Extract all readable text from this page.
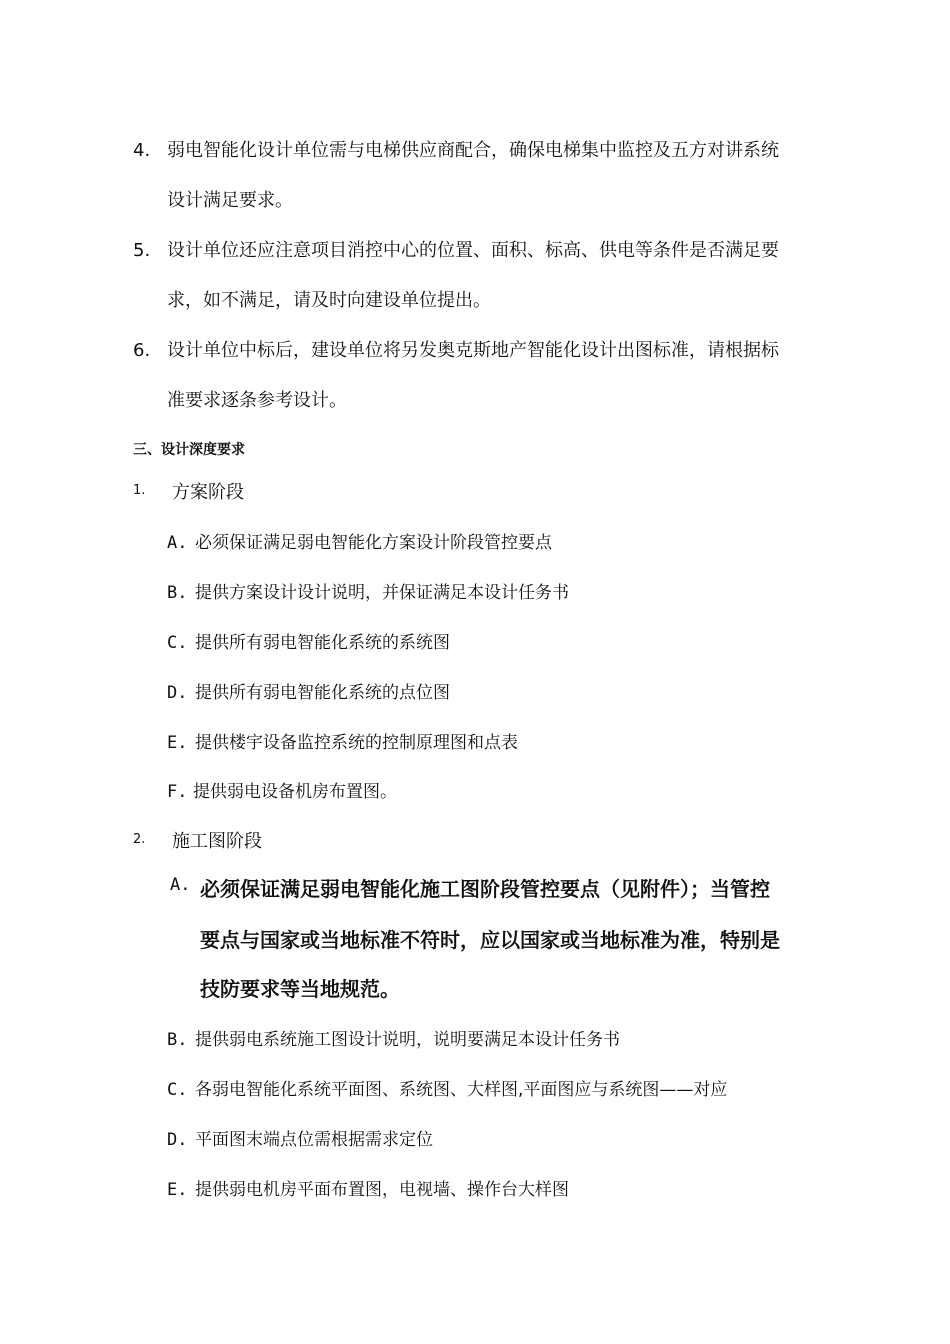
4. 弱电智能化设计单位需与电梯供应商配合，确保电梯集中监控及五方对讲系统
设计满足要求。
5. 设计单位还应注意项目消控中心的位置、面积、标高、供电等条件是否满足要
求，如不满足，请及时向建设单位提出。
6. 设计单位中标后，建设单位将另发奥克斯地产智能化设计出图标准，请根据标
准要求逐条参考设计。
三、设计深度要求
1. 方案阶段
A. 必须保证满足弱电智能化方案设计阶段管控要点
B. 提供方案设计设计说明，并保证满足本设计任务书
C. 提供所有弱电智能化系统的系统图
D. 提供所有弱电智能化系统的点位图
E. 提供楼宇设备监控系统的控制原理图和点表
F. 提供弱电设备机房布置图。
2. 施工图阶段
A. 必须保证满足弱电智能化施工图阶段管控要点（见附件）；当管控
要点与国家或当地标准不符时，应以国家或当地标准为准，特别是
技防要求等当地规范。
B. 提供弱电系统施工图设计说明，说明要满足本设计任务书
C. 各弱电智能化系统平面图、系统图、大样图,平面图应与系统图——对应
D. 平面图末端点位需根据需求定位
E. 提供弱电机房平面布置图，电视墙、操作台大样图
